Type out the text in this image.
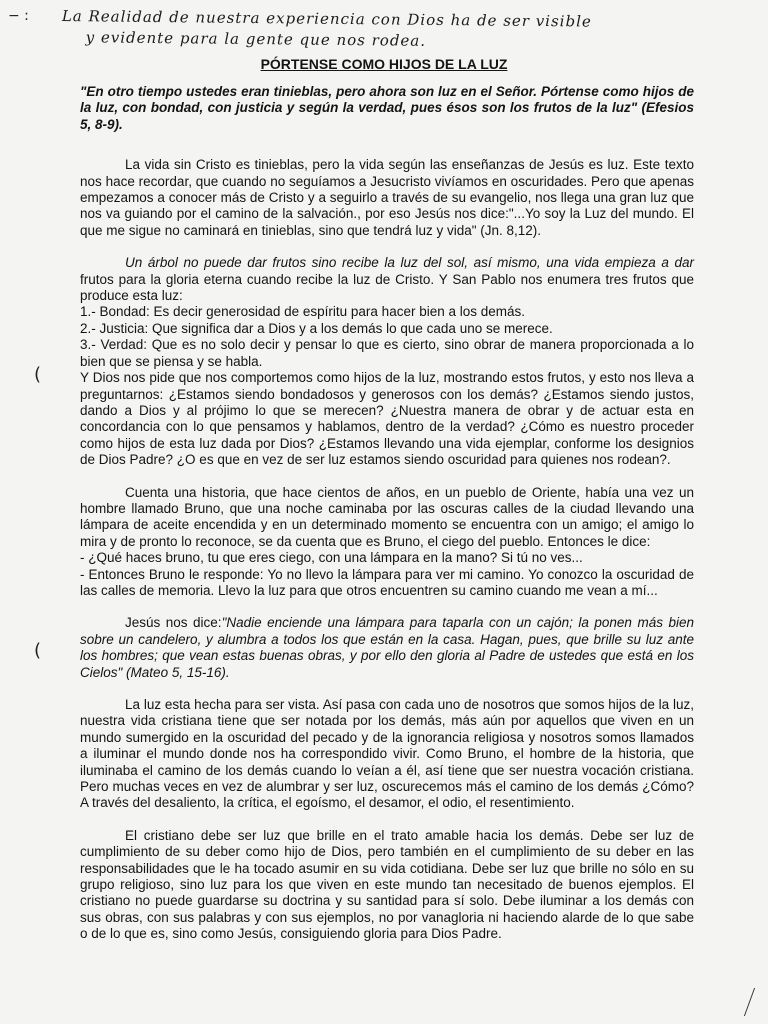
− : La Realidad de nuestra experiencia con Dios ha de ser visible
y evidente para la gente que nos rodea.
PÓRTENSE COMO HIJOS DE LA LUZ

"En otro tiempo ustedes eran tinieblas, pero ahora son luz en el Señor. Pórtense como hijos de la luz, con bondad, con justicia y según la verdad, pues ésos son los frutos de la luz" (Efesios 5, 8-9).

La vida sin Cristo es tinieblas, pero la vida según las enseñanzas de Jesús es luz. Este texto nos hace recordar, que cuando no seguíamos a Jesucristo vivíamos en oscuridades. Pero que apenas empezamos a conocer más de Cristo y a seguirlo a través de su evangelio, nos llega una gran luz que nos va guiando por el camino de la salvación., por eso Jesús nos dice:"...Yo soy la Luz del mundo. El que me sigue no caminará en tinieblas, sino que tendrá luz y vida" (Jn. 8,12).

Un árbol no puede dar frutos sino recibe la luz del sol, así mismo, una vida empieza a dar frutos para la gloria eterna cuando recibe la luz de Cristo. Y San Pablo nos enumera tres frutos que produce esta luz:

1.- Bondad: Es decir generosidad de espíritu para hacer bien a los demás.

2.- Justicia: Que significa dar a Dios y a los demás lo que cada uno se merece.

3.- Verdad: Que es no solo decir y pensar lo que es cierto, sino obrar de manera proporcionada a lo bien que se piensa y se habla.

Y Dios nos pide que nos comportemos como hijos de la luz, mostrando estos frutos, y esto nos lleva a preguntarnos: ¿Estamos siendo bondadosos y generosos con los demás? ¿Estamos siendo justos, dando a Dios y al prójimo lo que se merecen? ¿Nuestra manera de obrar y de actuar esta en concordancia con lo que pensamos y hablamos, dentro de la verdad? ¿Cómo es nuestro proceder como hijos de esta luz dada por Dios? ¿Estamos llevando una vida ejemplar, conforme los designios de Dios Padre? ¿O es que en vez de ser luz estamos siendo oscuridad para quienes nos rodean?.

Cuenta una historia, que hace cientos de años, en un pueblo de Oriente, había una vez un hombre llamado Bruno, que una noche caminaba por las oscuras calles de la ciudad llevando una lámpara de aceite encendida y en un determinado momento se encuentra con un amigo; el amigo lo mira y de pronto lo reconoce, se da cuenta que es Bruno, el ciego del pueblo. Entonces le dice:

- ¿Qué haces bruno, tu que eres ciego, con una lámpara en la mano? Si tú no ves...

- Entonces Bruno le responde: Yo no llevo la lámpara para ver mi camino. Yo conozco la oscuridad de las calles de memoria. Llevo la luz para que otros encuentren su camino cuando me vean a mí...

Jesús nos dice:"Nadie enciende una lámpara para taparla con un cajón; la ponen más bien sobre un candelero, y alumbra a todos los que están en la casa. Hagan, pues, que brille su luz ante los hombres; que vean estas buenas obras, y por ello den gloria al Padre de ustedes que está en los Cielos" (Mateo 5, 15-16).

La luz esta hecha para ser vista. Así pasa con cada uno de nosotros que somos hijos de la luz, nuestra vida cristiana tiene que ser notada por los demás, más aún por aquellos que viven en un mundo sumergido en la oscuridad del pecado y de la ignorancia religiosa y nosotros somos llamados a iluminar el mundo donde nos ha correspondido vivir. Como Bruno, el hombre de la historia, que iluminaba el camino de los demás cuando lo veían a él, así tiene que ser nuestra vocación cristiana. Pero muchas veces en vez de alumbrar y ser luz, oscurecemos más el camino de los demás ¿Cómo? A través del desaliento, la crítica, el egoísmo, el desamor, el odio, el resentimiento.

El cristiano debe ser luz que brille en el trato amable hacia los demás. Debe ser luz de cumplimiento de su deber como hijo de Dios, pero también en el cumplimiento de su deber en las responsabilidades que le ha tocado asumir en su vida cotidiana. Debe ser luz que brille no sólo en su grupo religioso, sino luz para los que viven en este mundo tan necesitado de buenos ejemplos. El cristiano no puede guardarse su doctrina y su santidad para sí solo. Debe iluminar a los demás con sus obras, con sus palabras y con sus ejemplos, no por vanagloria ni haciendo alarde de lo que sabe o de lo que es, sino como Jesús, consiguiendo gloria para Dios Padre.

(
(
